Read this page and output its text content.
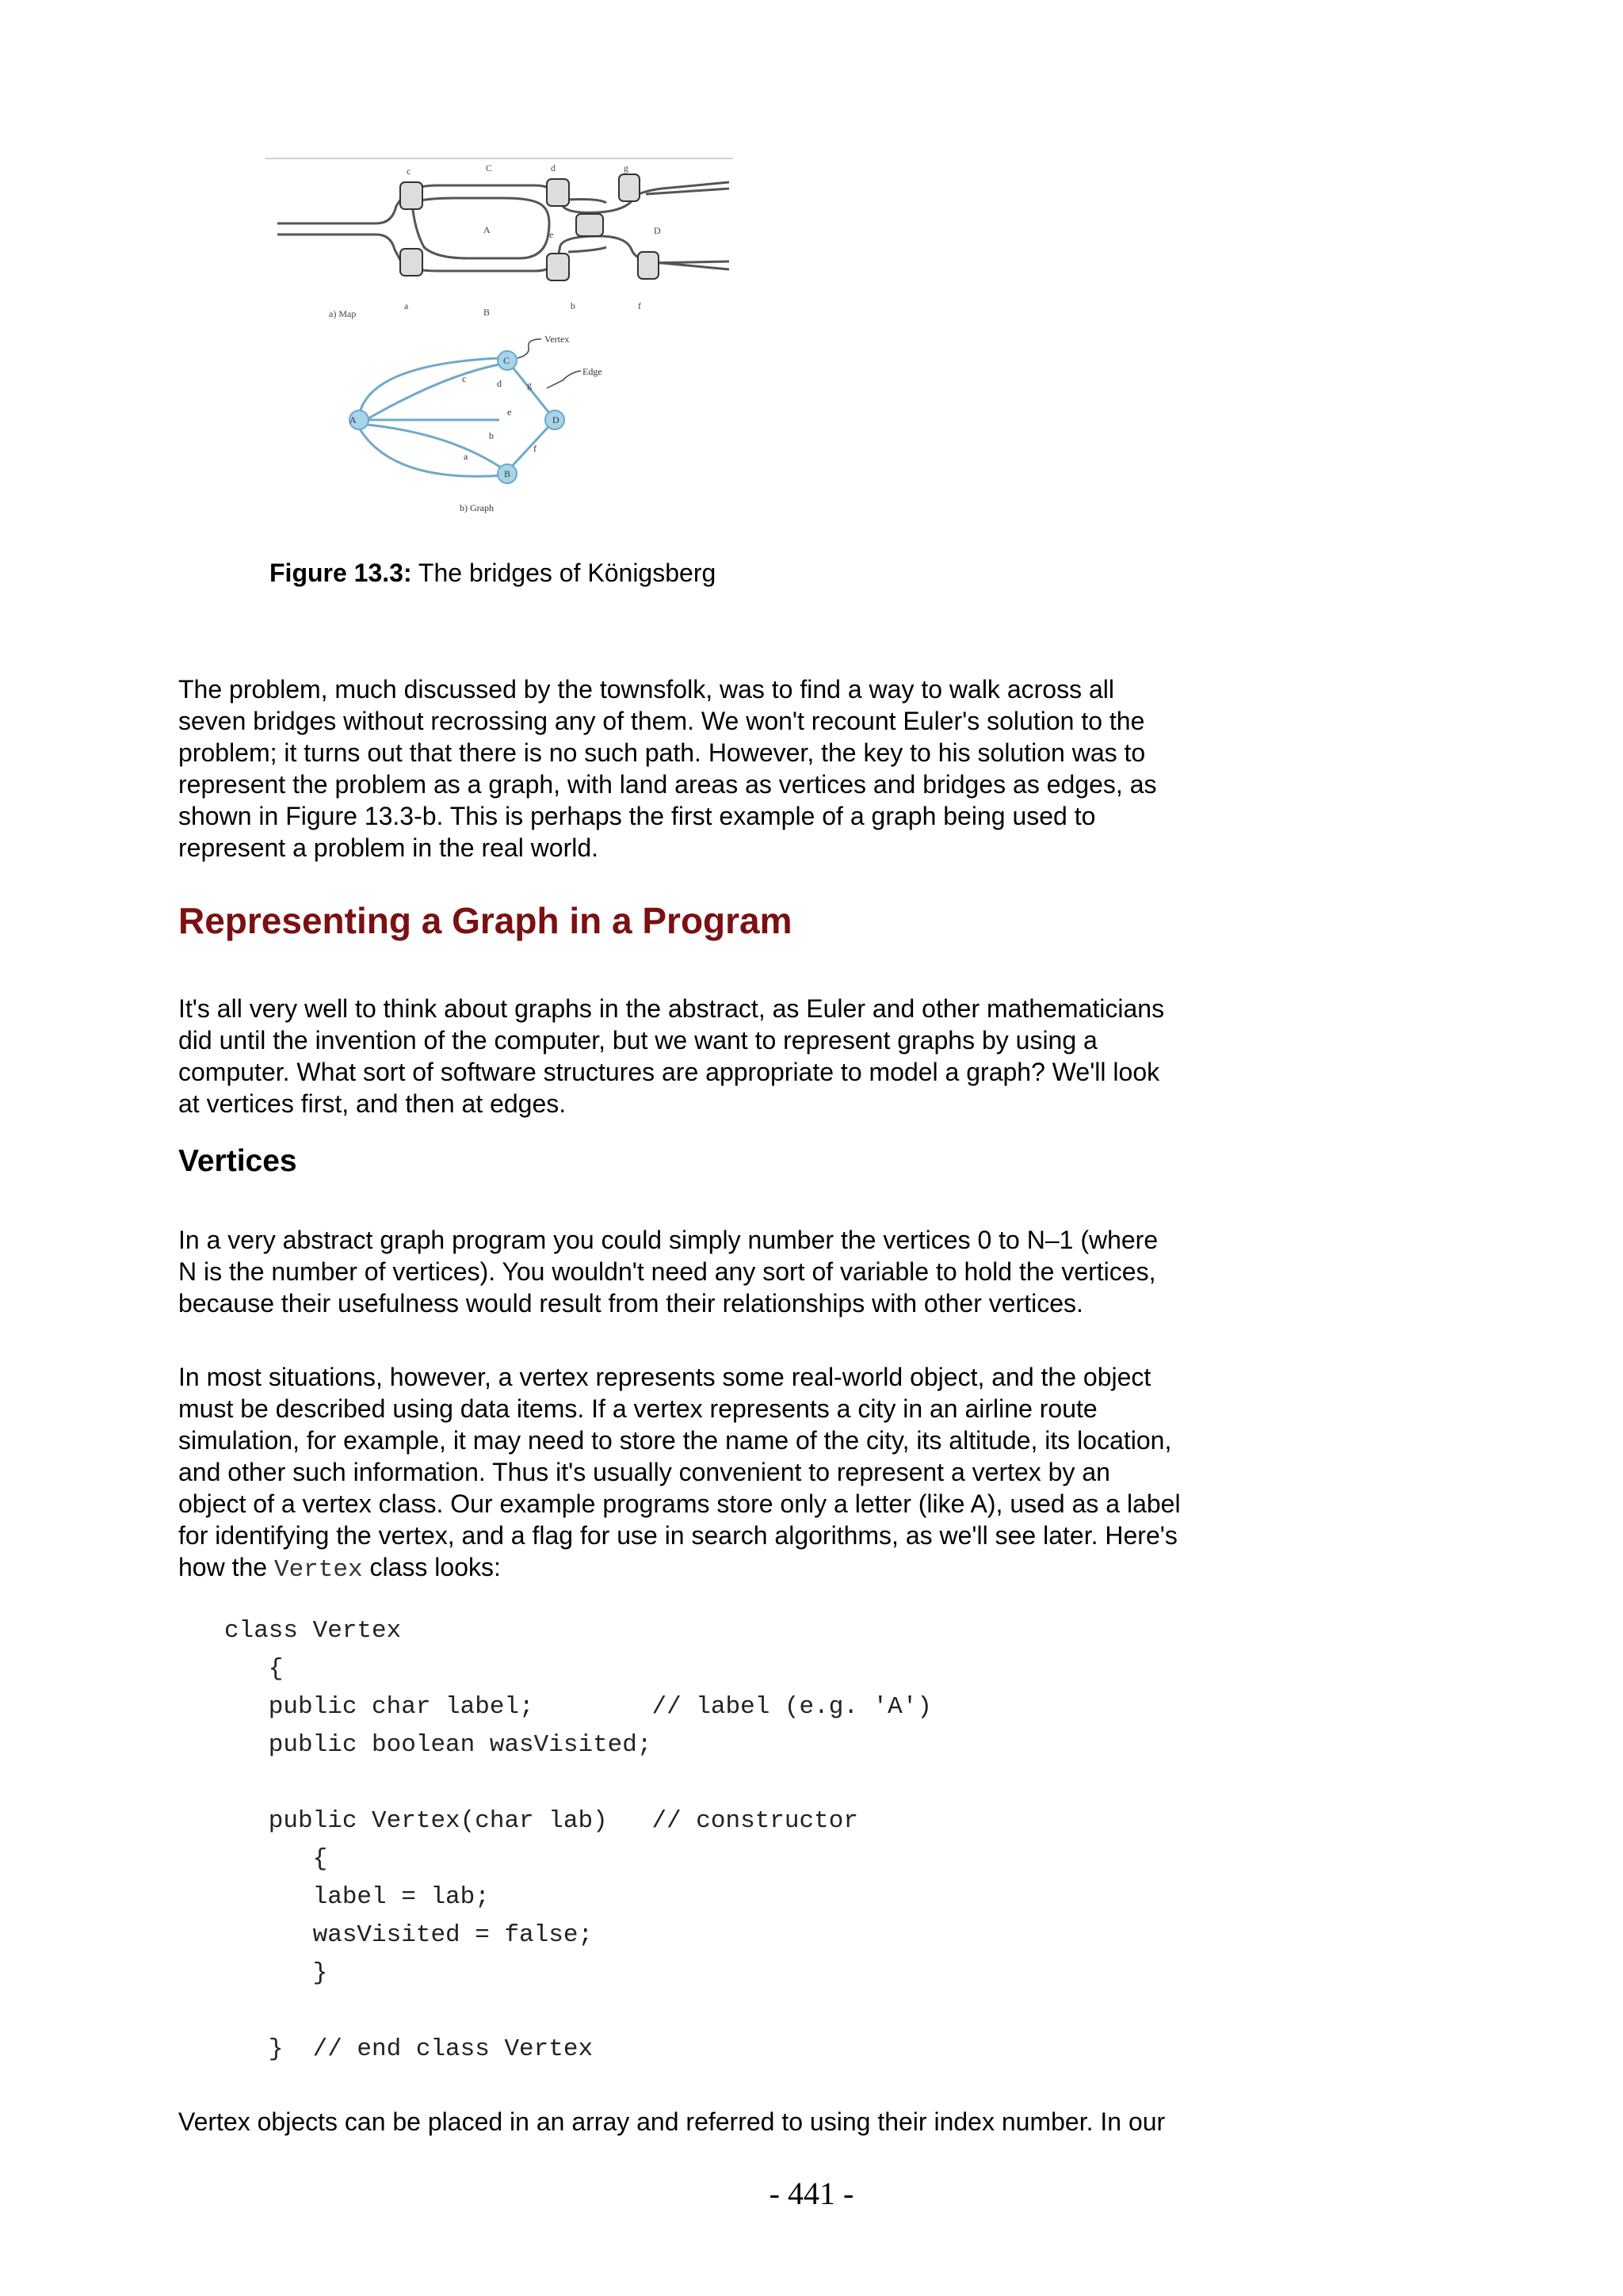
c	C	d	g
A	e	D
a
B
b	f
a) Map
C
A	D
B
Vertex
Edge
c	d	g
e
b
f
a
b) Graph
Figure 13.3: The bridges of Königsberg

The problem, much discussed by the townsfolk, was to find a way to walk across all

seven bridges without recrossing any of them. We won't recount Euler's solution to the

problem; it turns out that there is no such path. However, the key to his solution was to

represent the problem as a graph, with land areas as vertices and bridges as edges, as

shown in Figure 13.3-b. This is perhaps the first example of a graph being used to

represent a problem in the real world.

Representing a Graph in a Program

It's all very well to think about graphs in the abstract, as Euler and other mathematicians

did until the invention of the computer, but we want to represent graphs by using a

computer. What sort of software structures are appropriate to model a graph? We'll look

at vertices first, and then at edges.

Vertices

In a very abstract graph program you could simply number the vertices 0 to N–1 (where

N is the number of vertices). You wouldn't need any sort of variable to hold the vertices,

because their usefulness would result from their relationships with other vertices.

In most situations, however, a vertex represents some real-world object, and the object

must be described using data items. If a vertex represents a city in an airline route

simulation, for example, it may need to store the name of the city, its altitude, its location,

and other such information. Thus it's usually convenient to represent a vertex by an

object of a vertex class. Our example programs store only a letter (like A), used as a label

for identifying the vertex, and a flag for use in search algorithms, as we'll see later. Here's

how the Vertex class looks:

class Vertex
{
public char label;        // label (e.g. 'A')
public boolean wasVisited;
public Vertex(char lab)   // constructor
{
label = lab;
wasVisited = false;
}
}  // end class Vertex

Vertex objects can be placed in an array and referred to using their index number. In our

- 441 -
